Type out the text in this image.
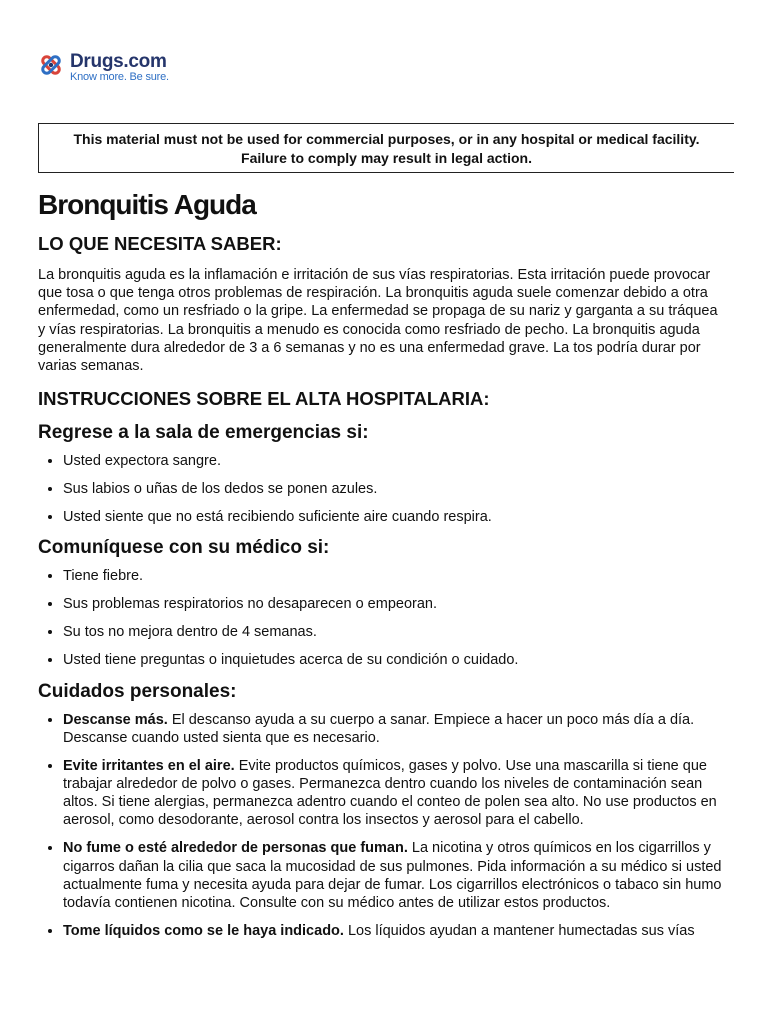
Drugs.com
Know more. Be sure.
This material must not be used for commercial purposes, or in any hospital or medical facility.
Failure to comply may result in legal action.
Bronquitis Aguda
LO QUE NECESITA SABER:

La bronquitis aguda es la inflamación e irritación de sus vías respiratorias. Esta irritación puede provocar que tosa o que tenga otros problemas de respiración. La bronquitis aguda suele comenzar debido a otra enfermedad, como un resfriado o la gripe. La enfermedad se propaga de su nariz y garganta a su tráquea y vías respiratorias. La bronquitis a menudo es conocida como resfriado de pecho. La bronquitis aguda generalmente dura alrededor de 3 a 6 semanas y no es una enfermedad grave. La tos podría durar por varias semanas.

INSTRUCCIONES SOBRE EL ALTA HOSPITALARIA:
Regrese a la sala de emergencias si:
• Usted expectora sangre.
• Sus labios o uñas de los dedos se ponen azules.
• Usted siente que no está recibiendo suficiente aire cuando respira.
Comuníquese con su médico si:
• Tiene fiebre.
• Sus problemas respiratorios no desaparecen o empeoran.
• Su tos no mejora dentro de 4 semanas.
• Usted tiene preguntas o inquietudes acerca de su condición o cuidado.
Cuidados personales:
• Descanse más. El descanso ayuda a su cuerpo a sanar. Empiece a hacer un poco más día a día. Descanse cuando usted sienta que es necesario.
• Evite irritantes en el aire. Evite productos químicos, gases y polvo. Use una mascarilla si tiene que trabajar alrededor de polvo o gases. Permanezca dentro cuando los niveles de contaminación sean altos. Si tiene alergias, permanezca adentro cuando el conteo de polen sea alto. No use productos en aerosol, como desodorante, aerosol contra los insectos y aerosol para el cabello.
• No fume o esté alrededor de personas que fuman. La nicotina y otros químicos en los cigarrillos y cigarros dañan la cilia que saca la mucosidad de sus pulmones. Pida información a su médico si usted actualmente fuma y necesita ayuda para dejar de fumar. Los cigarrillos electrónicos o tabaco sin humo todavía contienen nicotina. Consulte con su médico antes de utilizar estos productos.
• Tome líquidos como se le haya indicado. Los líquidos ayudan a mantener humectadas sus vías
